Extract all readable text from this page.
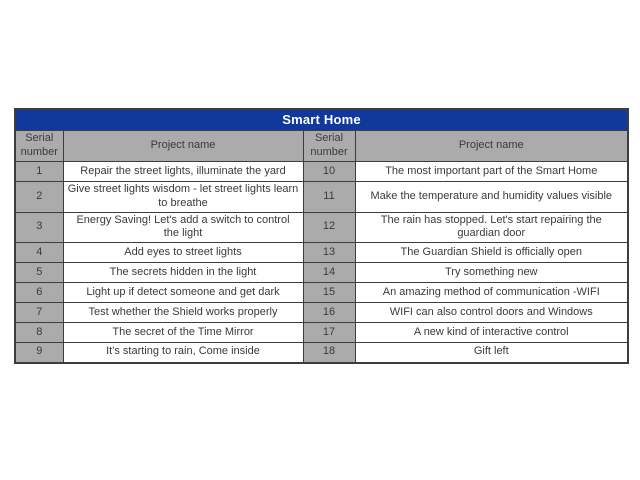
Smart Home			
Serial number	Project name	Serial number	Project name
1	Repair the street lights, illuminate the yard	10	The most important part of the Smart Home
2	Give street lights wisdom - let street lights learn to breathe	11	Make the temperature and humidity values visible
3	Energy Saving! Let's add a switch to control the light	12	The rain has stopped. Let's start repairing the guardian door
4	Add eyes to street lights	13	The Guardian Shield is officially open
5	The secrets hidden in the light	14	Try something new
6	Light up if detect someone and get dark	15	An amazing method of communication -WIFI
7	Test whether the Shield works properly	16	WIFI can also control doors and Windows
8	The secret of the Time Mirror	17	A new kind of interactive control
9	It's starting to rain, Come inside	18	Gift left
